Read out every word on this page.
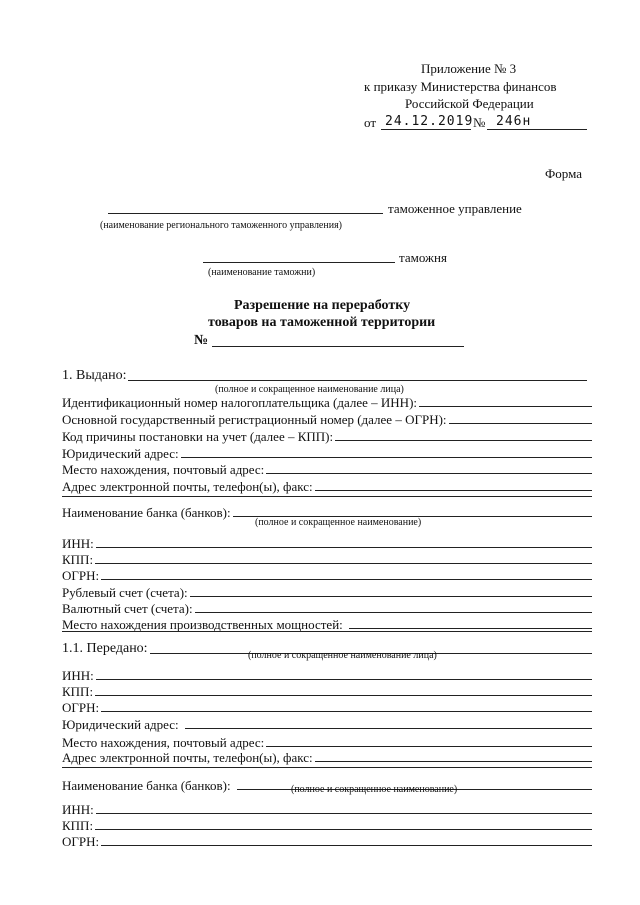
Приложение № 3
к приказу Министерства финансов
Российской Федерации
от 24.12.2019 № 246н
Форма
таможенное управление
(наименование регионального таможенного управления)
таможня
(наименование таможни)
Разрешение на переработку
товаров на таможенной территории
№
1. Выдано:
(полное и сокращенное наименование лица)
Идентификационный номер налогоплательщика (далее – ИНН):
Основной государственный регистрационный номер (далее – ОГРН):
Код причины постановки на учет (далее – КПП):
Юридический адрес:
Место нахождения, почтовый адрес:
Адрес электронной почты, телефон(ы), факс:
Наименование банка (банков):
(полное и сокращенное наименование)
ИНН:
КПП:
ОГРН:
Рублевый счет (счета):
Валютный счет (счета):
Место нахождения производственных мощностей:
1.1. Передано:	(полное и сокращенное наименование лица)
ИНН:
КПП:
ОГРН:
Юридический адрес:
Место нахождения, почтовый адрес:
Адрес электронной почты, телефон(ы), факс:
Наименование банка (банков):	(полное и сокращенное наименование)
ИНН:
КПП:
ОГРН:
